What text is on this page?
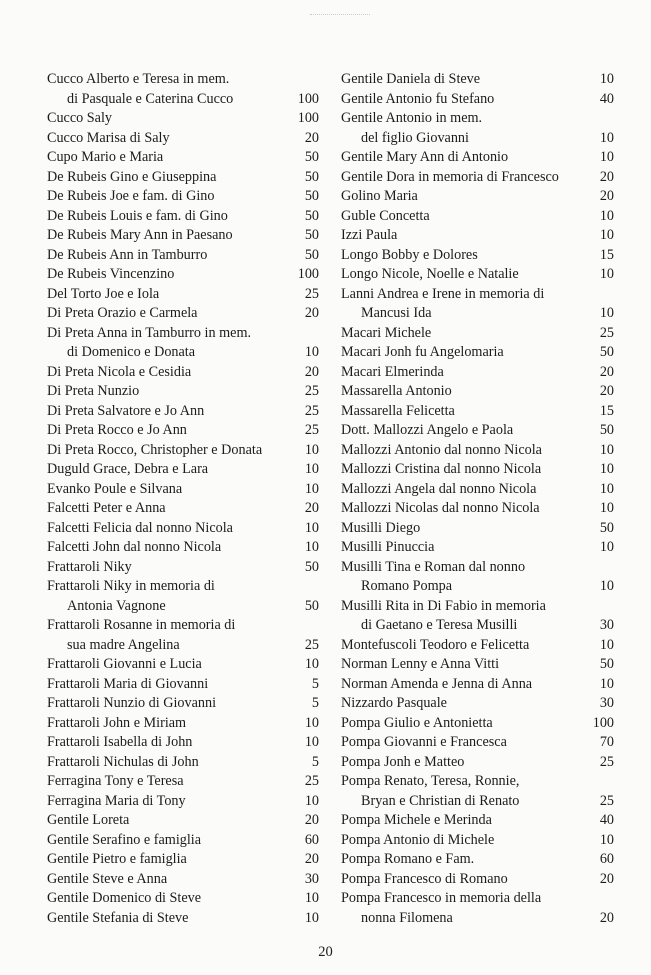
Cucco Alberto e Teresa in mem.
di Pasquale e Caterina Cucco	100
Cucco Saly	100
Cucco Marisa di Saly	20
Cupo Mario e Maria	50
De Rubeis Gino e Giuseppina	50
De Rubeis Joe e fam. di Gino	50
De Rubeis Louis e fam. di Gino	50
De Rubeis Mary Ann in Paesano	50
De Rubeis Ann in Tamburro	50
De Rubeis Vincenzino	100
Del Torto Joe e Iola	25
Di Preta Orazio e Carmela	20
Di Preta Anna in Tamburro in mem.
di Domenico e Donata	10
Di Preta Nicola e Cesidia	20
Di Preta Nunzio	25
Di Preta Salvatore e Jo Ann	25
Di Preta Rocco e Jo Ann	25
Di Preta Rocco, Christopher e Donata	10
Duguld Grace, Debra e Lara	10
Evanko Poule e Silvana	10
Falcetti Peter e Anna	20
Falcetti Felicia dal nonno Nicola	10
Falcetti John dal nonno Nicola	10
Frattaroli Niky	50
Frattaroli Niky in memoria di
Antonia Vagnone	50
Frattaroli Rosanne in memoria di
sua madre Angelina	25
Frattaroli Giovanni e Lucia	10
Frattaroli Maria di Giovanni	5
Frattaroli Nunzio di Giovanni	5
Frattaroli John e Miriam	10
Frattaroli Isabella di John	10
Frattaroli Nichulas di John	5
Ferragina Tony e Teresa	25
Ferragina Maria di Tony	10
Gentile Loreta	20
Gentile Serafino e famiglia	60
Gentile Pietro e famiglia	20
Gentile Steve e Anna	30
Gentile Domenico di Steve	10
Gentile Stefania di Steve	10
Gentile Daniela di Steve	10
Gentile Antonio fu Stefano	40
Gentile Antonio in mem.
del figlio Giovanni	10
Gentile Mary Ann di Antonio	10
Gentile Dora in memoria di Francesco	20
Golino Maria	20
Guble Concetta	10
Izzi Paula	10
Longo Bobby e Dolores	15
Longo Nicole, Noelle e Natalie	10
Lanni Andrea e Irene in memoria di
Mancusi Ida	10
Macari Michele	25
Macari Jonh fu Angelomaria	50
Macari Elmerinda	20
Massarella Antonio	20
Massarella Felicetta	15
Dott. Mallozzi Angelo e Paola	50
Mallozzi Antonio dal nonno Nicola	10
Mallozzi Cristina dal nonno Nicola	10
Mallozzi Angela dal nonno Nicola	10
Mallozzi Nicolas dal nonno Nicola	10
Musilli Diego	50
Musilli Pinuccia	10
Musilli Tina e Roman dal nonno
Romano Pompa	10
Musilli Rita in Di Fabio in memoria
di Gaetano e Teresa Musilli	30
Montefuscoli Teodoro e Felicetta	10
Norman Lenny e Anna Vitti	50
Norman Amenda e Jenna di Anna	10
Nizzardo Pasquale	30
Pompa Giulio e Antonietta	100
Pompa Giovanni e Francesca	70
Pompa Jonh e Matteo	25
Pompa Renato, Teresa, Ronnie,
Bryan e Christian di Renato	25
Pompa Michele e Merinda	40
Pompa Antonio di Michele	10
Pompa Romano e Fam.	60
Pompa Francesco di Romano	20
Pompa Francesco in memoria della
nonna Filomena	20
20
